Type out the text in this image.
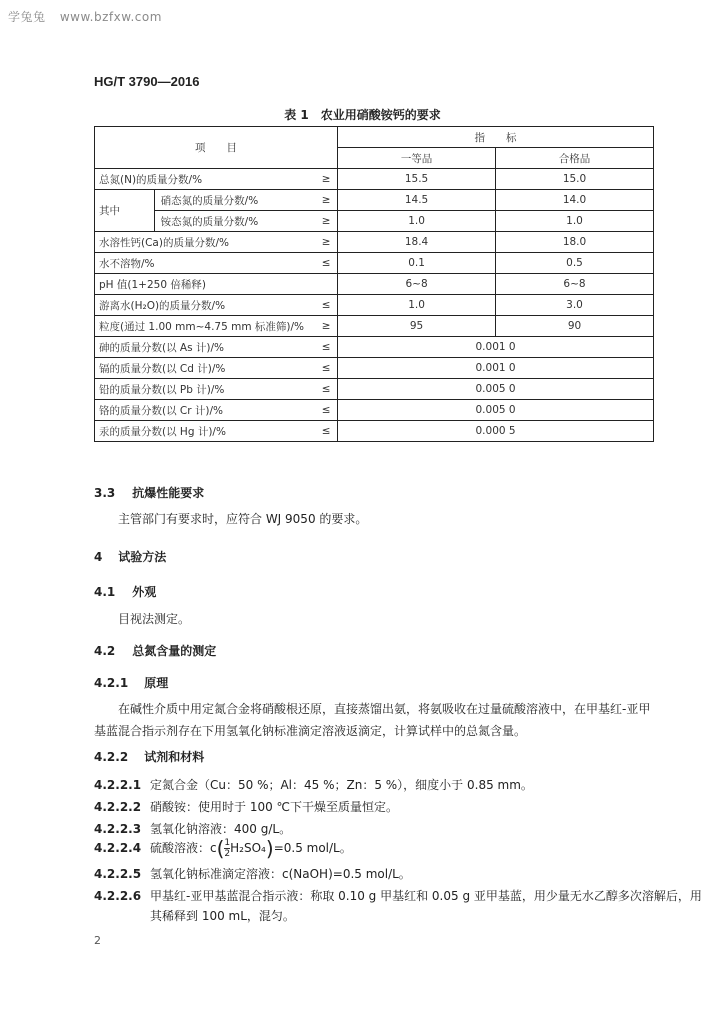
学兔兔 www.bzfxw.com
HG/T 3790—2016
表 1　农业用硝酸铵钙的要求
项　　目			指　　标	
			一等品	合格品
总氮(N)的质量分数/%		≥	15.5	15.0
其中	硝态氮的质量分数/%	≥	14.5	14.0
	铵态氮的质量分数/%	≥	1.0	1.0
水溶性钙(Ca)的质量分数/%		≥	18.4	18.0
水不溶物/%		≤	0.1	0.5
pH 值(1+250 倍稀释)			6~8	6~8
游离水(H₂O)的质量分数/%		≤	1.0	3.0
粒度(通过 1.00 mm~4.75 mm 标准筛)/%		≥	95	90
砷的质量分数(以 As 计)/%		≤	0.001 0	
镉的质量分数(以 Cd 计)/%		≤	0.001 0	
铅的质量分数(以 Pb 计)/%		≤	0.005 0	
铬的质量分数(以 Cr 计)/%		≤	0.005 0	
汞的质量分数(以 Hg 计)/%		≤	0.000 5	
3.3 抗爆性能要求
主管部门有要求时，应符合 WJ 9050 的要求。
4 试验方法
4.1 外观
目视法测定。
4.2 总氮含量的测定
4.2.1 原理
在碱性介质中用定氮合金将硝酸根还原，直接蒸馏出氨，将氨吸收在过量硫酸溶液中，在甲基红-亚甲基蓝混合指示剂存在下用氢氧化钠标准滴定溶液返滴定，计算试样中的总氮含量。
4.2.2 试剂和材料
4.2.2.1 定氮合金（Cu：50 %；Al：45 %；Zn：5 %），细度小于 0.85 mm。
4.2.2.2 硝酸铵：使用时于 100 ℃下干燥至质量恒定。
4.2.2.3 氢氧化钠溶液：400 g/L。
4.2.2.4 硫酸溶液：$c( \frac{1}{2} H_2SO_4)=0.5$ mol/L。
4.2.2.5 氢氧化钠标准滴定溶液：c(NaOH)=0.5 mol/L。
4.2.2.6 甲基红-亚甲基蓝混合指示液：称取 0.10 g 甲基红和 0.05 g 亚甲基蓝，用少量无水乙醇多次溶解后，用其稀释到 100 mL，混匀。
2
